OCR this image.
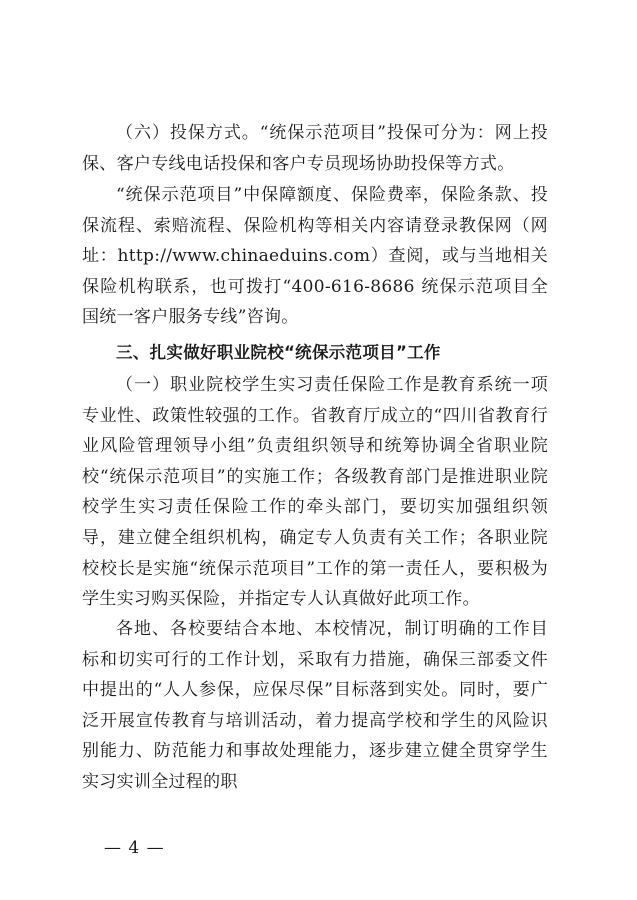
（六）投保方式。“统保示范项目”投保可分为：网上投保、客户专线电话投保和客户专员现场协助投保等方式。

“统保示范项目”中保障额度、保险费率，保险条款、投保流程、索赔流程、保险机构等相关内容请登录教保网（网址：http://www.chinaeduins.com）查阅，或与当地相关保险机构联系，也可拨打“400-616-8686 统保示范项目全国统一客户服务专线”咨询。

三、扎实做好职业院校“统保示范项目”工作

（一）职业院校学生实习责任保险工作是教育系统一项专业性、政策性较强的工作。省教育厅成立的“四川省教育行业风险管理领导小组”负责组织领导和统筹协调全省职业院校“统保示范项目”的实施工作；各级教育部门是推进职业院校学生实习责任保险工作的牵头部门，要切实加强组织领导，建立健全组织机构，确定专人负责有关工作；各职业院校校长是实施“统保示范项目”工作的第一责任人，要积极为学生实习购买保险，并指定专人认真做好此项工作。

各地、各校要结合本地、本校情况，制订明确的工作目标和切实可行的工作计划，采取有力措施，确保三部委文件中提出的“人人参保，应保尽保”目标落到实处。同时，要广泛开展宣传教育与培训活动，着力提高学校和学生的风险识别能力、防范能力和事故处理能力，逐步建立健全贯穿学生实习实训全过程的职

— 4 —
